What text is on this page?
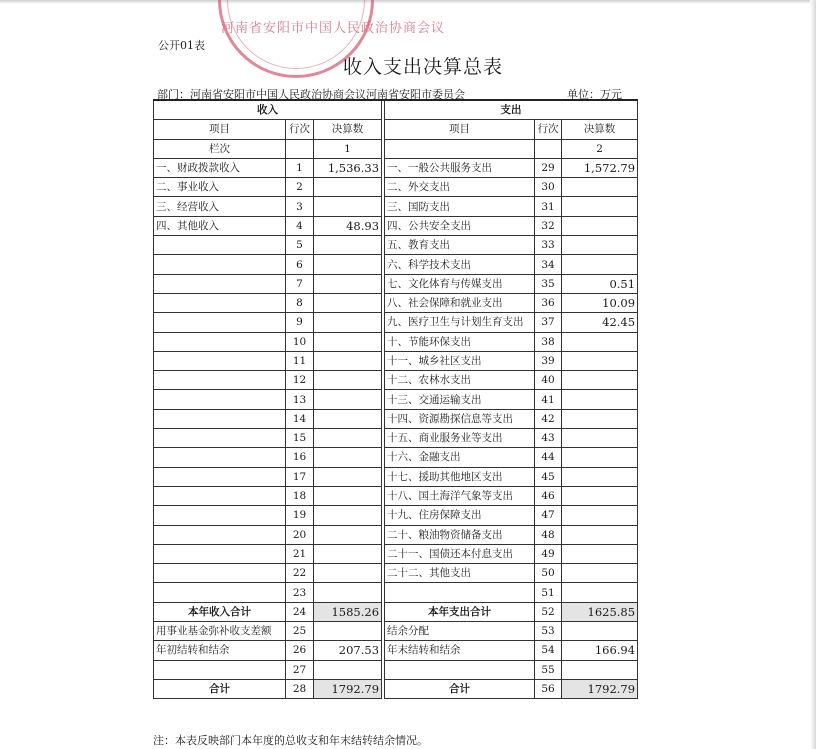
河南省安阳市中国人民政治协商会议
公开01表
收入支出决算总表
部门：河南省安阳市中国人民政治协商会议河南省安阳市委员会	单位：万元
收入				支出		
项目	行次	决算数		项目	行次	决算数
栏次		1				2
一、财政拨款收入	1	1,536.33		一、一般公共服务支出	29	1,572.79
二、事业收入	2			二、外交支出	30	
三、经营收入	3			三、国防支出	31	
四、其他收入	4	48.93		四、公共安全支出	32	
	5			五、教育支出	33	
	6			六、科学技术支出	34	
	7			七、文化体育与传媒支出	35	0.51
	8			八、社会保障和就业支出	36	10.09
	9			九、医疗卫生与计划生育支出	37	42.45
	10			十、节能环保支出	38	
	11			十一、城乡社区支出	39	
	12			十二、农林水支出	40	
	13			十三、交通运输支出	41	
	14			十四、资源勘探信息等支出	42	
	15			十五、商业服务业等支出	43	
	16			十六、金融支出	44	
	17			十七、援助其他地区支出	45	
	18			十八、国土海洋气象等支出	46	
	19			十九、住房保障支出	47	
	20			二十、粮油物资储备支出	48	
	21			二十一、国债还本付息支出	49	
	22			二十二、其他支出	50	
	23				51	
本年收入合计	24	1585.26		本年支出合计	52	1625.85
用事业基金弥补收支差额	25			结余分配	53	
年初结转和结余	26	207.53		年末结转和结余	54	166.94
	27				55	
合计	28	1792.79		合计	56	1792.79
注：本表反映部门本年度的总收支和年末结转结余情况。
